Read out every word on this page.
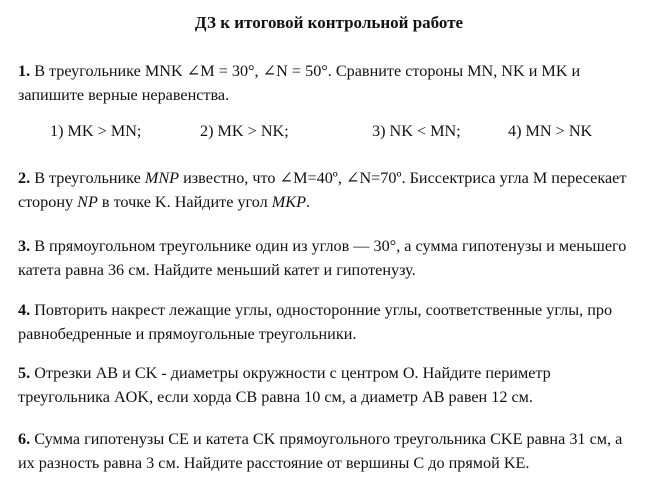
ДЗ к итоговой контрольной работе
1. В треугольнике MNK ∠M = 30°, ∠N = 50°. Сравните стороны MN, NK и MK и запишите верные неравенства.
1) MK > MN;	2) MK > NK;	3) NK < MN;	4) MN > NK
2. В треугольнике MNP известно, что ∠M=40º, ∠N=70º. Биссектриса угла M пересекает сторону NP в точке K. Найдите угол MKP.
3. В прямоугольном треугольнике один из углов — 30°, а сумма гипотенузы и меньшего катета равна 36 см. Найдите меньший катет и гипотенузу.
4. Повторить накрест лежащие углы, односторонние углы, соответственные углы, про равнобедренные и прямоугольные треугольники.
5. Отрезки AB и CK - диаметры окружности с центром O. Найдите периметр треугольника AOK, если хорда CB равна 10 см, а диаметр AB равен 12 см.
6. Сумма гипотенузы CE и катета CK прямоугольного треугольника CKE равна 31 см, а их разность равна 3 см. Найдите расстояние от вершины C до прямой KE.
